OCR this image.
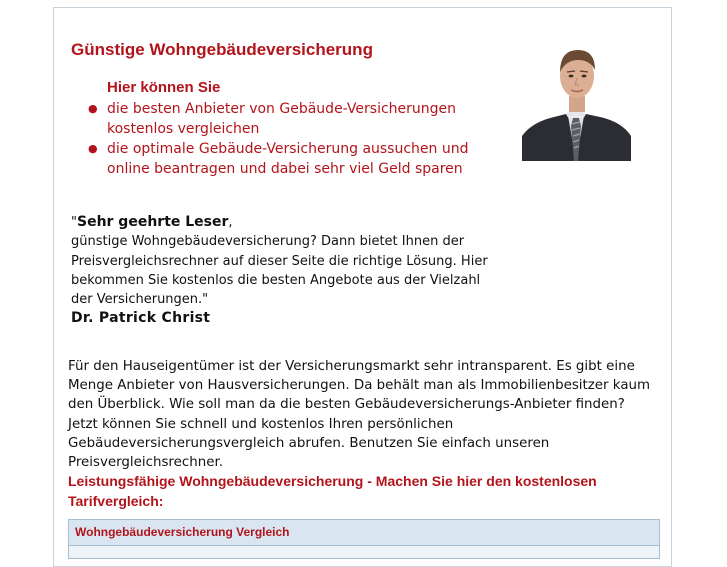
Günstige Wohngebäudeversicherung
Hier können Sie
● die besten Anbieter von Gebäude-Versicherungen kostenlos vergleichen
● die optimale Gebäude-Versicherung aussuchen und online beantragen und dabei sehr viel Geld sparen
"Sehr geehrte Leser,
günstige Wohngebäudeversicherung? Dann bietet Ihnen der Preisvergleichsrechner auf dieser Seite die richtige Lösung. Hier bekommen Sie kostenlos die besten Angebote aus der Vielzahl der Versicherungen."
Dr. Patrick Christ
Für den Hauseigentümer ist der Versicherungsmarkt sehr intransparent. Es gibt eine Menge Anbieter von Hausversicherungen. Da behält man als Immobilienbesitzer kaum den Überblick. Wie soll man da die besten Gebäudeversicherungs-Anbieter finden?
Jetzt können Sie schnell und kostenlos Ihren persönlichen Gebäudeversicherungsvergleich abrufen. Benutzen Sie einfach unseren Preisvergleichsrechner.
Leistungsfähige Wohngebäudeversicherung - Machen Sie hier den kostenlosen Tarifvergleich:
Wohngebäudeversicherung Vergleich
